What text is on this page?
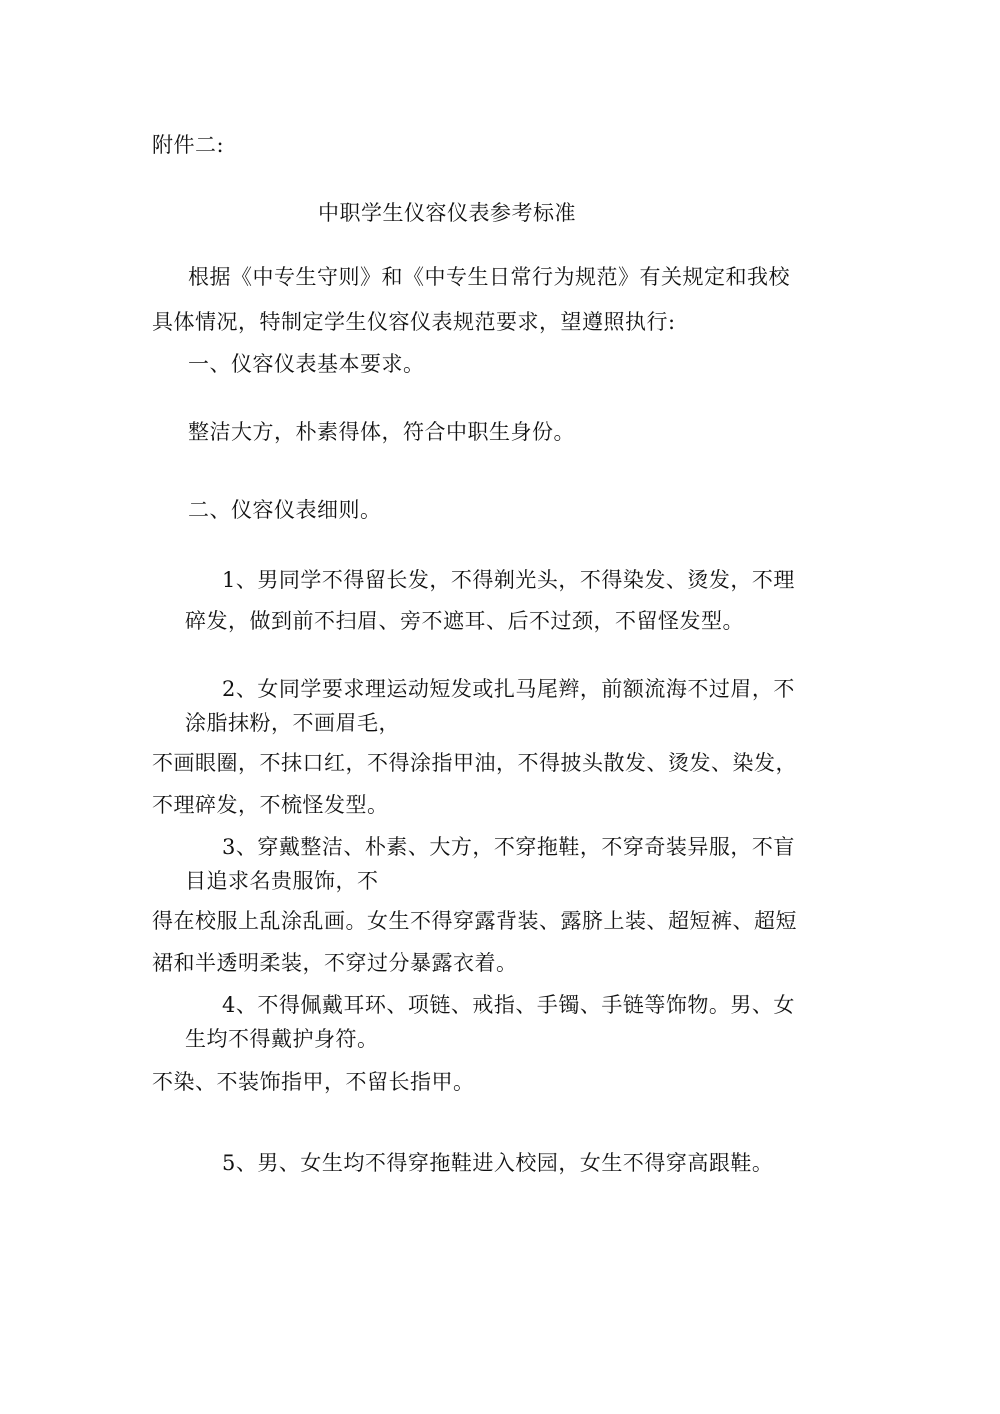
附件二:
中职学生仪容仪表参考标准
根据《中专生守则》和《中专生日常行为规范》有关规定和我校
具体情况，特制定学生仪容仪表规范要求，望遵照执行:
一、仪容仪表基本要求。
整洁大方，朴素得体，符合中职生身份。
二、仪容仪表细则。
1、男同学不得留长发，不得剃光头，不得染发、烫发，不理
碎发，做到前不扫眉、旁不遮耳、后不过颈，不留怪发型。
2、女同学要求理运动短发或扎马尾辫，前额流海不过眉，不
涂脂抹粉，不画眉毛，
不画眼圈，不抹口红，不得涂指甲油，不得披头散发、烫发、染发，
不理碎发，不梳怪发型。
3、穿戴整洁、朴素、大方，不穿拖鞋，不穿奇装异服，不盲
目追求名贵服饰，不
得在校服上乱涂乱画。女生不得穿露背装、露脐上装、超短裤、超短
裙和半透明柔装，不穿过分暴露衣着。
4、不得佩戴耳环、项链、戒指、手镯、手链等饰物。男、女
生均不得戴护身符。
不染、不装饰指甲，不留长指甲。
5、男、女生均不得穿拖鞋进入校园，女生不得穿高跟鞋。
